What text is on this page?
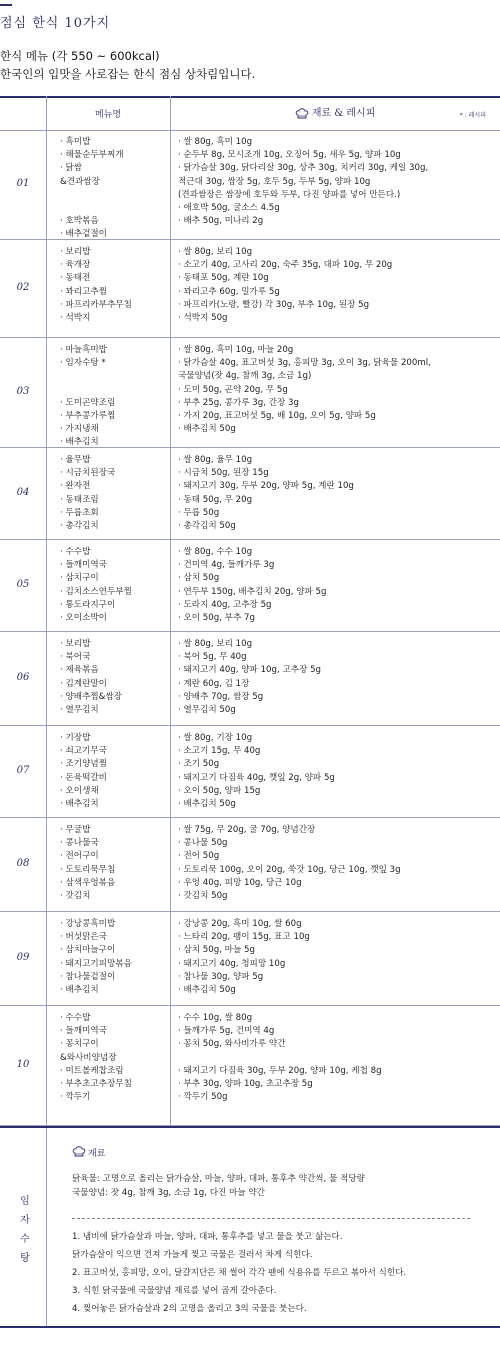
점심 한식 10가지
한식 메뉴 (각 550 ~ 600kcal)
한국인의 입맛을 사로잡는 한식 점심 상차림입니다.
메뉴명	재료 & 레시피	* : 레시피
01
· 흑미밥
· 해물순두부찌개
· 닭쌈
&견과쌈장

· 호박볶음
· 배추겉절이
· 쌀 80g, 흑미 10g
· 순두부 8g, 모시조개 10g, 오징어 5g, 새우 5g, 양파 10g
· 닭가슴살 30g, 닭다리살 30g, 상추 30g, 치커리 30g, 케일 30g,
적근대 30g, 쌈장 5g, 호두 5g, 두부 5g, 양파 10g
(견과쌈장은 쌈장에 호두와 두부, 다진 양파를 넣어 만든다.)
· 애호박 50g, 굴소스 4.5g
· 배추 50g, 미나리 2g
02
· 보리밥
· 육개장
· 동태전
· 꽈리고추찜
· 파프리카부추무침
· 석박지
· 쌀 80g, 보리 10g
· 소고기 40g, 고사리 20g, 숙주 35g, 대파 10g, 무 20g
· 동태포 50g, 계란 10g
· 꽈리고추 60g, 밀가루 5g
· 파프리카(노랑, 빨강) 각 30g, 부추 10g, 된장 5g
· 석박지 50g
03
· 마늘흑미밥
· 임자수탕 *

· 도미곤약조림
· 부추콩가루찜
· 가지냉채
· 배추김치
· 쌀 80g, 흑미 10g, 마늘 20g
· 닭가슴살 40g, 표고버섯 3g, 홍피망 3g, 오이 3g, 닭육물 200ml,
국물양념(잣 4g, 참깨 3g, 소금 1g)
· 도미 50g, 곤약 20g, 무 5g
· 부추 25g, 콩가루 3g, 간장 3g
· 가지 20g, 표고버섯 5g, 배 10g, 오이 5g, 양파 5g
· 배추김치 50g
04
· 율무밥
· 시금치된장국
· 완자전
· 동태조림
· 두릅초회
· 총각김치
· 쌀 80g, 율무 10g
· 시금치 50g, 된장 15g
· 돼지고기 30g, 두부 20g, 양파 5g, 계란 10g
· 동태 50g, 무 20g
· 두릅 50g
· 총각김치 50g
05
· 수수밥
· 들깨미역국
· 삼치구이
· 김치소스연두부찜
· 통도라지구이
· 오이소박이
· 쌀 80g, 수수 10g
· 건미역 4g, 들깨가루 3g
· 삼치 50g
· 연두부 150g, 배추김치 20g, 양파 5g
· 도라지 40g, 고추장 5g
· 오이 50g, 부추 7g
06
· 보리밥
· 북어국
· 제육볶음
· 김계란말이
· 양배추찜&쌈장
· 열무김치
· 쌀 80g, 보리 10g
· 북어 5g, 무 40g
· 돼지고기 40g, 양파 10g, 고추장 5g
· 계란 60g, 김 1장
· 양배추 70g, 쌈장 5g
· 열무김치 50g
07
· 기장밥
· 쇠고기무국
· 조기양념찜
· 돈육떡갈비
· 오이생채
· 배추김치
· 쌀 80g, 기장 10g
· 소고기 15g, 무 40g
· 조기 50g
· 돼지고기 다짐육 40g, 깻잎 2g, 양파 5g
· 오이 50g, 양파 15g
· 배추김치 50g
08
· 무굴밥
· 콩나물국
· 전어구이
· 도토리묵무침
· 삼색우엉볶음
· 갓김치
· 쌀 75g, 무 20g, 굴 70g, 양념간장
· 콩나물 50g
· 전어 50g
· 도토리묵 100g, 오이 20g, 쑥갓 10g, 당근 10g, 깻잎 3g
· 우엉 40g, 피망 10g, 당근 10g
· 갓김치 50g
09
· 강낭콩흑미밥
· 버섯맑은국
· 삼치마늘구이
· 돼지고기피망볶음
· 참나물겉절이
· 배추김치
· 강낭콩 20g, 흑미 10g, 쌀 60g
· 느타리 20g, 팽이 15g, 표고 10g
· 삼치 50g, 마늘 5g
· 돼지고기 40g, 청피망 10g
· 참나물 30g, 양파 5g
· 배추김치 50g
10
· 수수밥
· 들깨미역국
· 꽁치구이
&와사비양념장
· 미트볼케찹조림
· 부추초고추장무침
· 깍두기
· 수수 10g, 쌀 80g
· 들깨가루 5g, 건미역 4g
· 꽁치 50g, 와사비가루 약간

· 돼지고기 다짐육 30g, 두부 20g, 양파 10g, 케첩 8g
· 부추 30g, 양파 10g, 초고추장 5g
· 깍두기 50g
임
자
수
탕
재료
닭육물: 고명으로 올리는 닭가슴살, 마늘, 양파, 대파, 통후추 약간씩, 물 적당량
국물양념: 잣 4g, 참깨 3g, 소금 1g, 다진 마늘 약간
1. 냄비에 닭가슴살과 마늘, 양파, 대파, 통후추를 넣고 물을 붓고 삶는다.
닭가슴살이 익으면 건져 가늘게 찢고 국물은 걸러서 차게 식힌다.
2. 표고버섯, 홍피망, 오이, 달걀지단은 채 썰어 각각 팬에 식용유를 두르고 볶아서 식힌다.
3. 식힌 닭국물에 국물양념 재료를 넣어 곱게 갈아준다.
4. 찢어놓은 닭가슴살과 2의 고명을 올리고 3의 국물을 붓는다.
